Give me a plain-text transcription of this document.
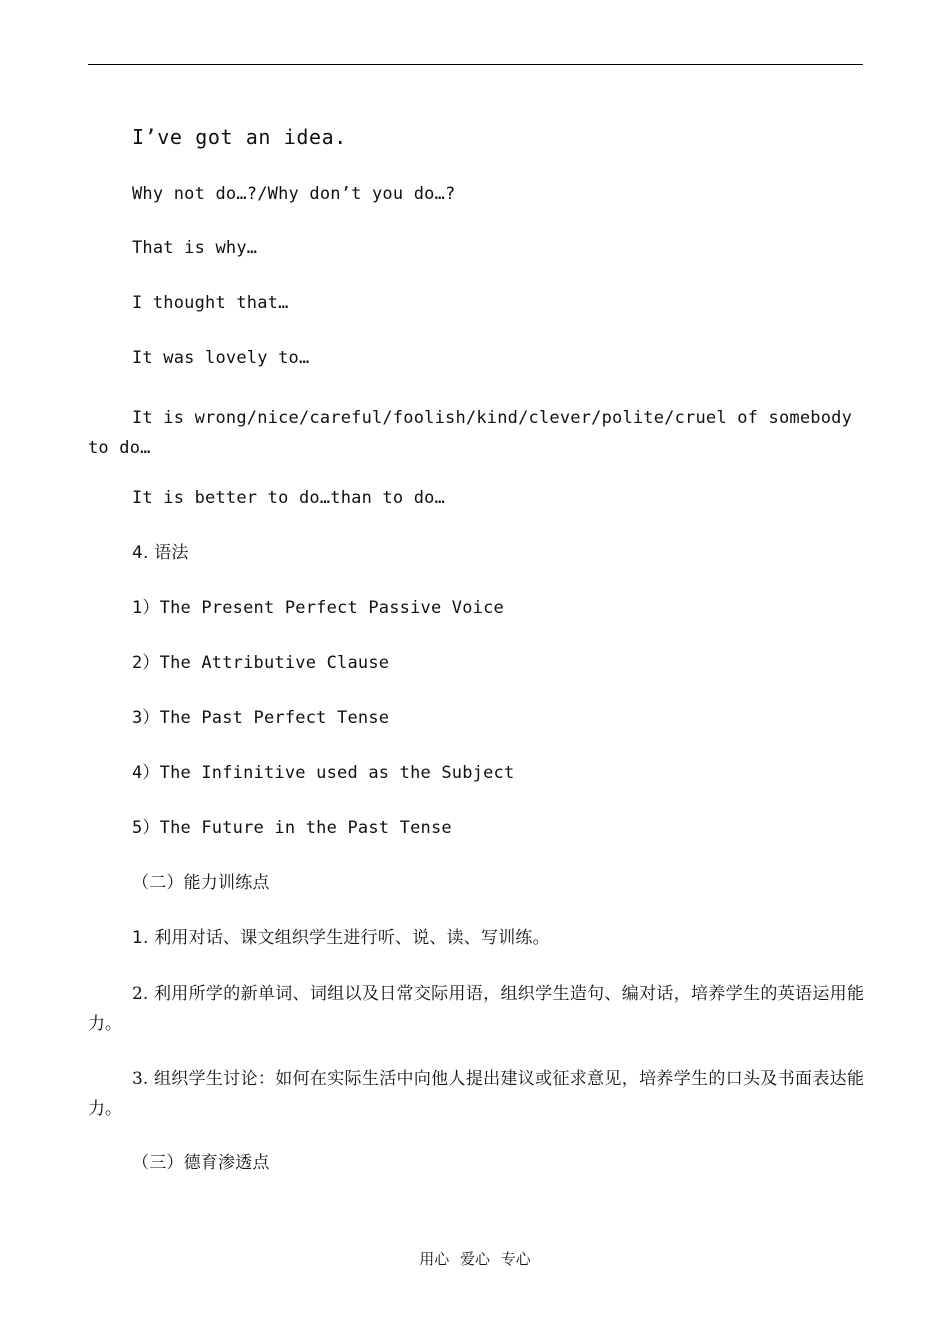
I’ve got an idea.
Why not do…?/Why don’t you do…?
That is why…
I thought that…
It was lovely to…
It is wrong/nice/careful/foolish/kind/clever/polite/cruel of somebody to do…
It is better to do…than to do…
4. 语法
1）The Present Perfect Passive Voice
2）The Attributive Clause
3）The Past Perfect Tense
4）The Infinitive used as the Subject
5）The Future in the Past Tense
（二）能力训练点
1. 利用对话、课文组织学生进行听、说、读、写训练。
2. 利用所学的新单词、词组以及日常交际用语，组织学生造句、编对话，培养学生的英语运用能力。
3. 组织学生讨论：如何在实际生活中向他人提出建议或征求意见，培养学生的口头及书面表达能力。
（三）德育渗透点
用心 爱心 专心
